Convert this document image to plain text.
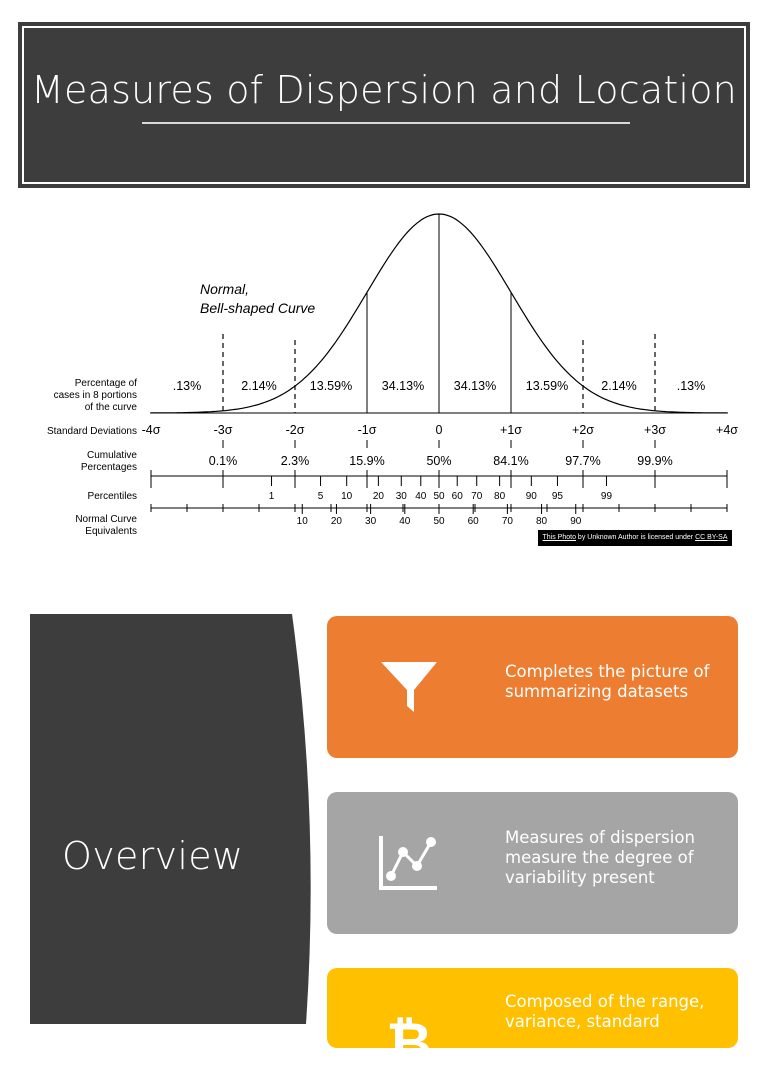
Measures of Dispersion and Location
Normal,
Bell-shaped Curve
Percentage of
cases in 8 portions
of the curve
Standard Deviations
Cumulative
Percentages
Percentiles
Normal Curve
Equivalents
.13%	2.14%	13.59% 34.13% 34.13% 13.59%	2.14%	.13%
-4σ	-3σ	-2σ	-1σ	0	+1σ	+2σ	+3σ	+4σ
0.1%	2.3%	15.9%	50%	84.1%	97.7%	99.9%
1	5 10 20 30 40 50 60 70 80 90 95	99
10 20 30 40 50 60 70 80 90
This Photo by Unknown Author is licensed under CC BY-SA
Overview
Completes the picture of summarizing datasets
Measures of dispersion measure the degree of variability present
₿
Composed of the range, variance, standard
